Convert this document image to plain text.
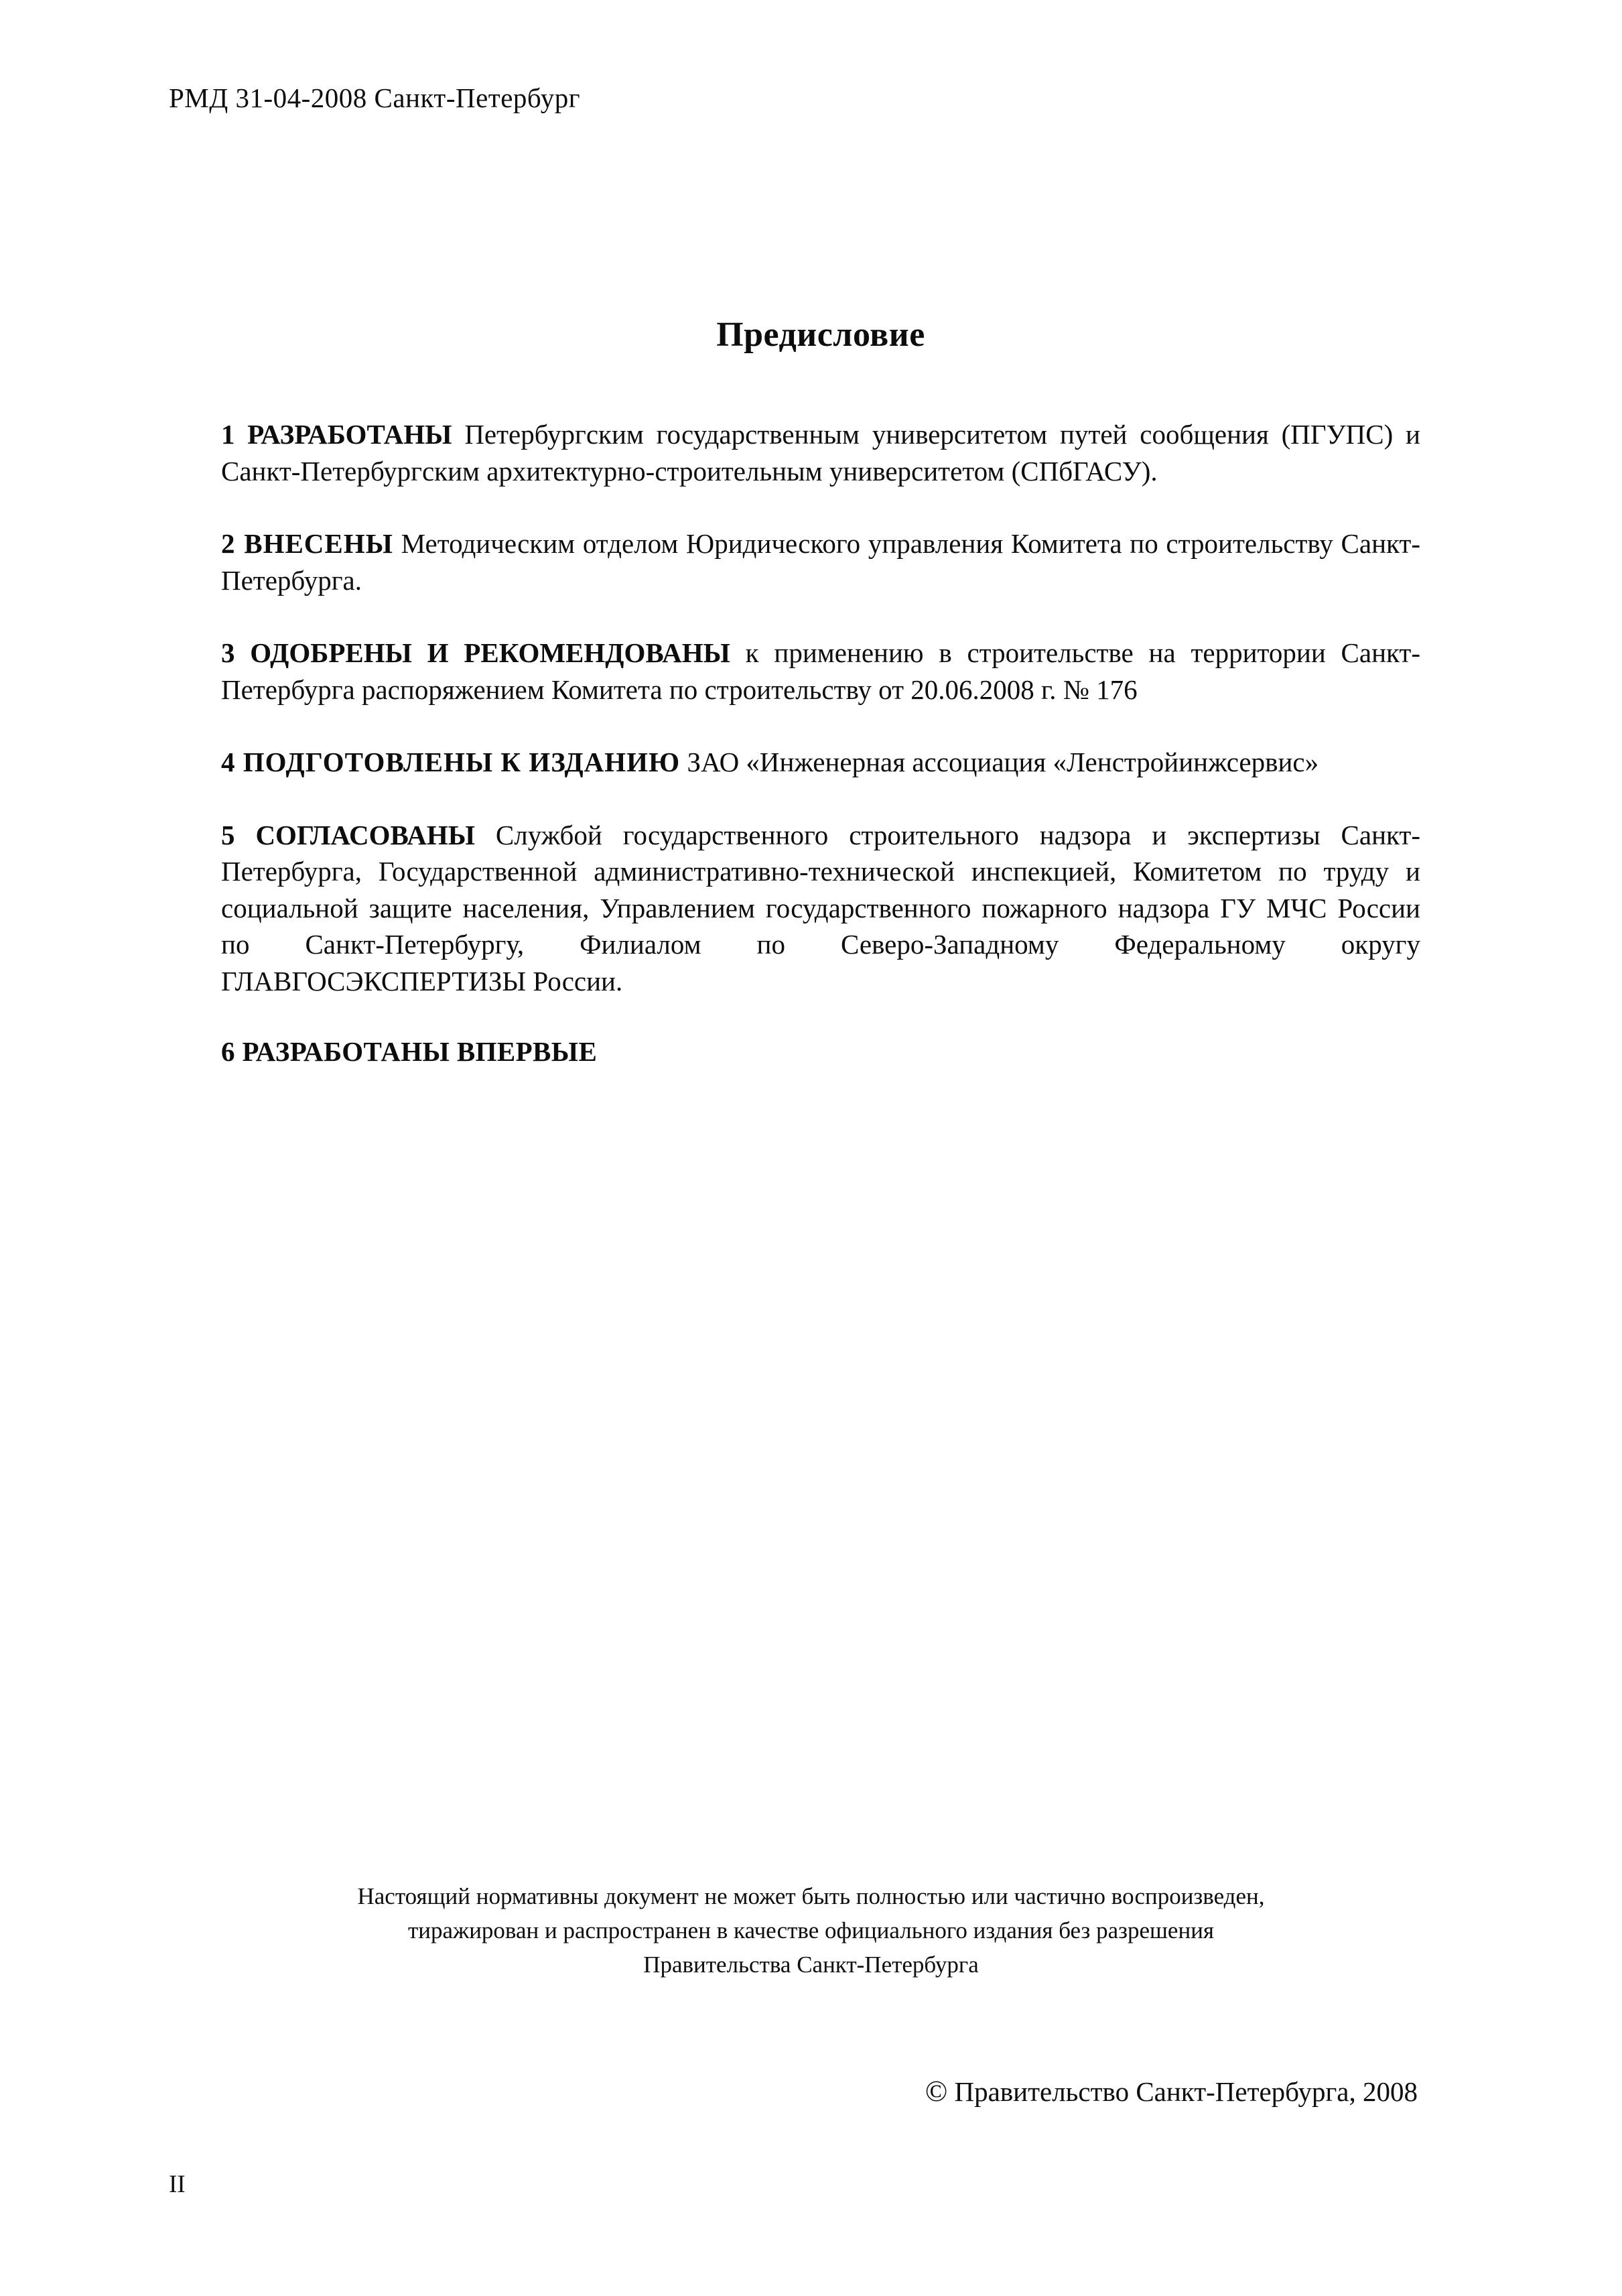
РМД 31-04-2008 Санкт-Петербург
Предисловие

1 РАЗРАБОТАНЫ Петербургским государственным университетом путей сообщения (ПГУПС) и Санкт-Петербургским архитектурно-строительным университетом (СПбГАСУ).

2 ВНЕСЕНЫ Методическим отделом Юридического управления Комитета по строительству Санкт-Петербурга.

3 ОДОБРЕНЫ И РЕКОМЕНДОВАНЫ к применению в строительстве на территории Санкт-Петербурга распоряжением Комитета по строительству от 20.06.2008 г. № 176

4 ПОДГОТОВЛЕНЫ К ИЗДАНИЮ ЗАО «Инженерная ассоциация «Ленстройинжсервис»

5 СОГЛАСОВАНЫ Службой государственного строительного надзора и экспертизы Санкт-Петербурга, Государственной административно-технической инспекцией, Комитетом по труду и социальной защите населения, Управлением государственного пожарного надзора ГУ МЧС России по Санкт-Петербургу, Филиалом по Северо-Западному Федеральному округу ГЛАВГОСЭКСПЕРТИЗЫ России.

6 РАЗРАБОТАНЫ ВПЕРВЫЕ

Настоящий нормативны документ не может быть полностью или частично воспроизведен,
тиражирован и распространен в качестве официального издания без разрешения
Правительства Санкт-Петербурга
© Правительство Санкт-Петербурга, 2008
II
